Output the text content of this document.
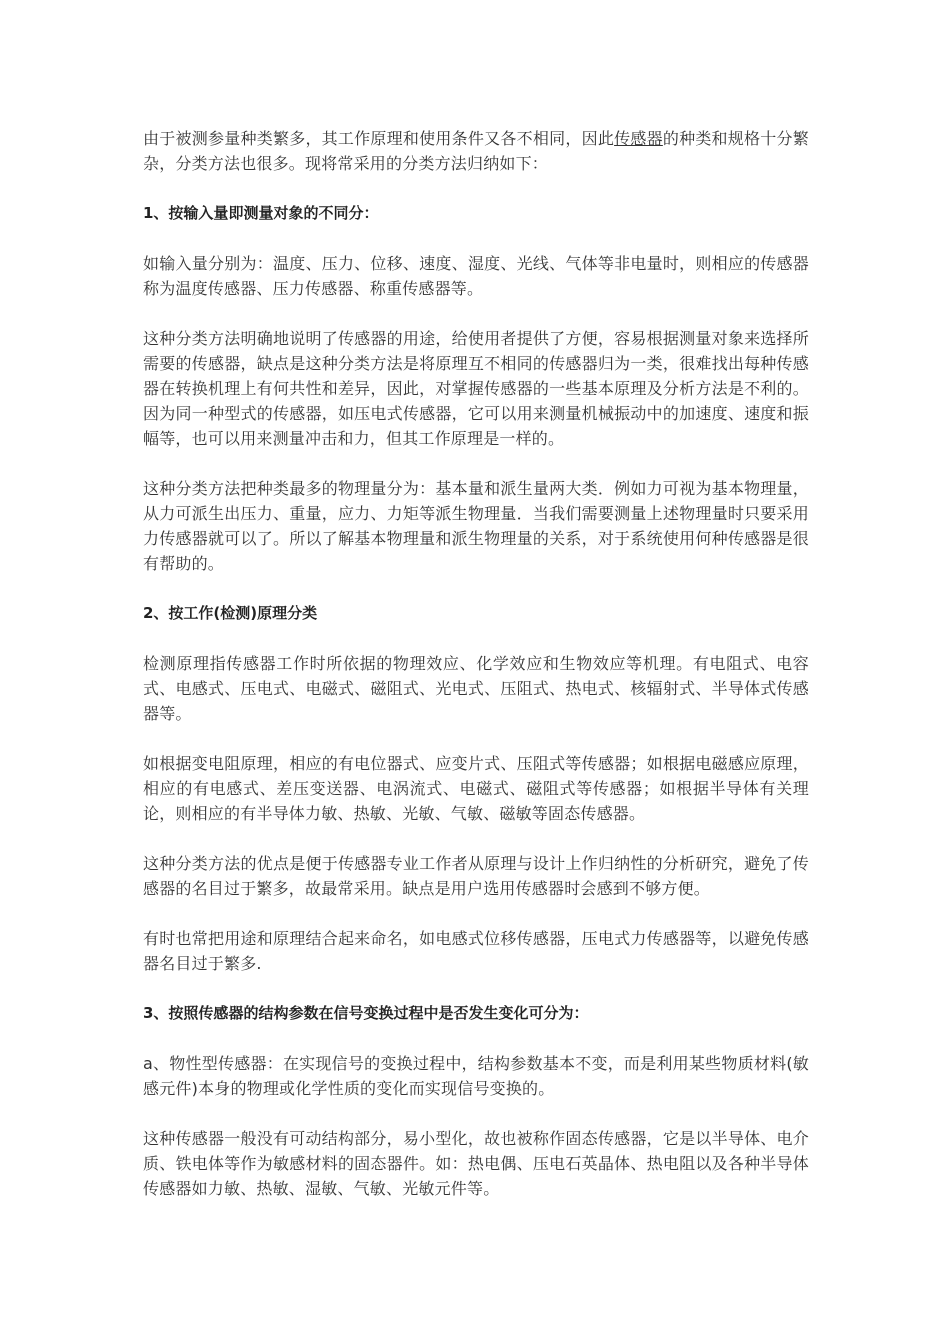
由于被测参量种类繁多，其工作原理和使用条件又各不相同，因此传感器的种类和规格十分繁杂，分类方法也很多。现将常采用的分类方法归纳如下：

1、按输入量即测量对象的不同分：

如输入量分别为：温度、压力、位移、速度、湿度、光线、气体等非电量时，则相应的传感器称为温度传感器、压力传感器、称重传感器等。

这种分类方法明确地说明了传感器的用途，给使用者提供了方便，容易根据测量对象来选择所需要的传感器，缺点是这种分类方法是将原理互不相同的传感器归为一类，很难找出每种传感器在转换机理上有何共性和差异，因此，对掌握传感器的一些基本原理及分析方法是不利的。因为同一种型式的传感器，如压电式传感器，它可以用来测量机械振动中的加速度、速度和振幅等，也可以用来测量冲击和力，但其工作原理是一样的。

这种分类方法把种类最多的物理量分为：基本量和派生量两大类．例如力可视为基本物理量，从力可派生出压力、重量，应力、力矩等派生物理量．当我们需要测量上述物理量时只要采用力传感器就可以了。所以了解基本物理量和派生物理量的关系，对于系统使用何种传感器是很有帮助的。

2、按工作(检测)原理分类

检测原理指传感器工作时所依据的物理效应、化学效应和生物效应等机理。有电阻式、电容式、电感式、压电式、电磁式、磁阻式、光电式、压阻式、热电式、核辐射式、半导体式传感器等。

如根据变电阻原理，相应的有电位器式、应变片式、压阻式等传感器；如根据电磁感应原理，相应的有电感式、差压变送器、电涡流式、电磁式、磁阻式等传感器；如根据半导体有关理论，则相应的有半导体力敏、热敏、光敏、气敏、磁敏等固态传感器。

这种分类方法的优点是便于传感器专业工作者从原理与设计上作归纳性的分析研究，避免了传感器的名目过于繁多，故最常采用。缺点是用户选用传感器时会感到不够方便。

有时也常把用途和原理结合起来命名，如电感式位移传感器，压电式力传感器等，以避免传感器名目过于繁多.

3、按照传感器的结构参数在信号变换过程中是否发生变化可分为：

a、物性型传感器：在实现信号的变换过程中，结构参数基本不变，而是利用某些物质材料(敏感元件)本身的物理或化学性质的变化而实现信号变换的。

这种传感器一般没有可动结构部分，易小型化，故也被称作固态传感器，它是以半导体、电介质、铁电体等作为敏感材料的固态器件。如：热电偶、压电石英晶体、热电阻以及各种半导体传感器如力敏、热敏、湿敏、气敏、光敏元件等。
